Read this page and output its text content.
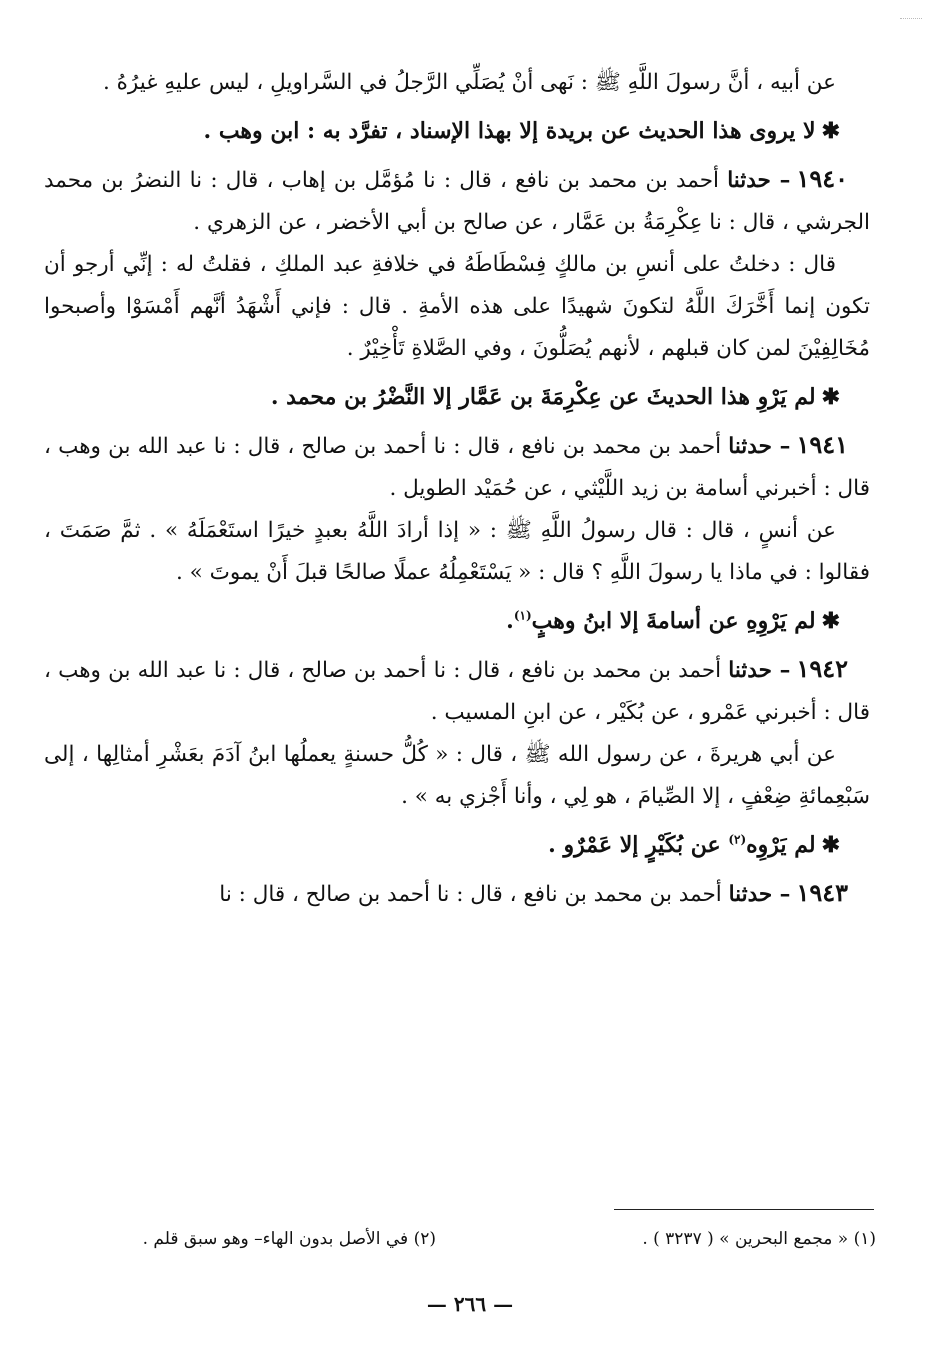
عن أبيه ، أنَّ رسولَ اللَّهِ ﷺ : نَهى أنْ يُصَلِّي الرَّجلُ في السَّراويلِ ، ليس عليهِ غيرُهُ .

✱لا يروى هذا الحديث عن بريدة إلا بهذا الإسناد ، تفرَّد به : ابن وهب .

١٩٤٠– حدثنا أحمد بن محمد بن نافع ، قال : نا مُؤمَّل بن إهاب ، قال : نا النضرُ بن محمد الجرشي ، قال : نا عِكْرِمَةُ بن عَمَّار ، عن صالح بن أبي الأخضر ، عن الزهري .

قال : دخلتُ على أنسِ بن مالكٍ فِسْطَاطَهُ في خلافةِ عبد الملكِ ، فقلتُ له : إنِّي أرجو أن تكون إنما أَخَّرَكَ اللَّهُ لتكونَ شهيدًا على هذه الأمةِ . قال : فإني أَشْهَدُ أنَّهم أَمْسَوْا وأصبحوا مُخَالِفِيْنَ لمن كان قبلهم ، لأنهم يُصَلُّونَ ، وفي الصَّلاةِ تَأْخِيْرٌ .

✱لم يَرْوِ هذا الحديثَ عن عِكْرِمَةَ بن عَمَّار إلا النَّضْرُ بن محمد .

١٩٤١– حدثنا أحمد بن محمد بن نافع ، قال : نا أحمد بن صالح ، قال : نا عبد الله بن وهب ، قال : أخبرني أسامة بن زيد اللَّيْثي ، عن حُمَيْد الطويل .

عن أنسٍ ، قال : قال رسولُ اللَّهِ ﷺ : « إذا أرادَ اللَّهُ بعبدٍ خيرًا استَعْمَلَهُ » . ثمَّ صَمَتَ ، فقالوا : في ماذا يا رسولَ اللَّهِ ؟ قال : « يَسْتَعْمِلُهُ عملًا صالحًا قبلَ أَنْ يموتَ » .

✱لم يَرْوِهِ عن أسامةَ إلا ابنُ وهبٍ$^{(١)}$.

١٩٤٢– حدثنا أحمد بن محمد بن نافع ، قال : نا أحمد بن صالح ، قال : نا عبد الله بن وهب ، قال : أخبرني عَمْرو ، عن بُكَيْر ، عن ابنِ المسيب .

عن أبي هريرةَ ، عن رسول الله ﷺ ، قال : « كُلُّ حسنةٍ يعملُها ابنُ آدَمَ بعَشْرِ أمثالِها ، إلى سَبْعِمائةِ ضِعْفٍ ، إلا الصِّيامَ ، هو لِي ، وأنا أَجْزي به » .

✱لم يَرْوِه$^{(٢)}$ عن بُكَيْرٍ إلا عَمْرٌو .

١٩٤٣– حدثنا أحمد بن محمد بن نافع ، قال : نا أحمد بن صالح ، قال : نا

(١) « مجمع البحرين » ( ٣٢٣٧ ) .
(٢) في الأصل بدون الهاء– وهو سبق قلم .
— ٢٦٦ —
